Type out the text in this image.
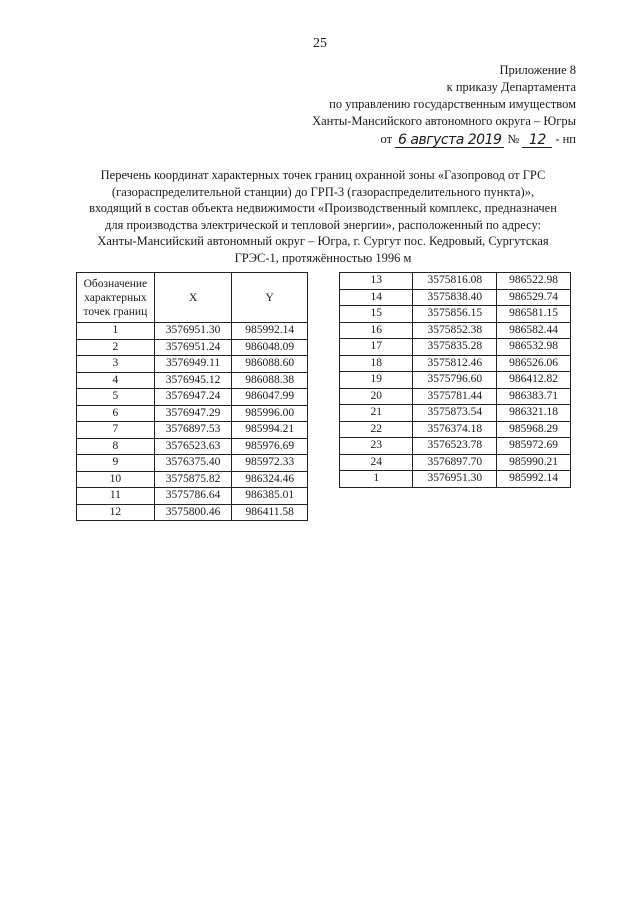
25
Приложение 8
к приказу Департамента
по управлению государственным имуществом
Ханты-Мансийского автономного округа – Югры
от 6 августа 2019 № 12 - нп
Перечень координат характерных точек границ охранной зоны «Газопровод от ГРС
(газораспределительной станции) до ГРП-3 (газораспределительного пункта)»,
входящий в состав объекта недвижимости «Производственный комплекс, предназначен
для производства электрической и тепловой энергии», расположенный по адресу:
Ханты-Мансийский автономный округ – Югра, г. Сургут пос. Кедровый, Сургутская
ГРЭС-1, протяжённостью 1996 м
Обозначение характерных точек границ	X	Y
1	3576951.30	985992.14
2	3576951.24	986048.09
3	3576949.11	986088.60
4	3576945.12	986088.38
5	3576947.24	986047.99
6	3576947.29	985996.00
7	3576897.53	985994.21
8	3576523.63	985976.69
9	3576375.40	985972.33
10	3575875.82	986324.46
11	3575786.64	986385.01
12	3575800.46	986411.58
13	3575816.08	986522.98
14	3575838.40	986529.74
15	3575856.15	986581.15
16	3575852.38	986582.44
17	3575835.28	986532.98
18	3575812.46	986526.06
19	3575796.60	986412.82
20	3575781.44	986383.71
21	3575873.54	986321.18
22	3576374.18	985968.29
23	3576523.78	985972.69
24	3576897.70	985990.21
1	3576951.30	985992.14
